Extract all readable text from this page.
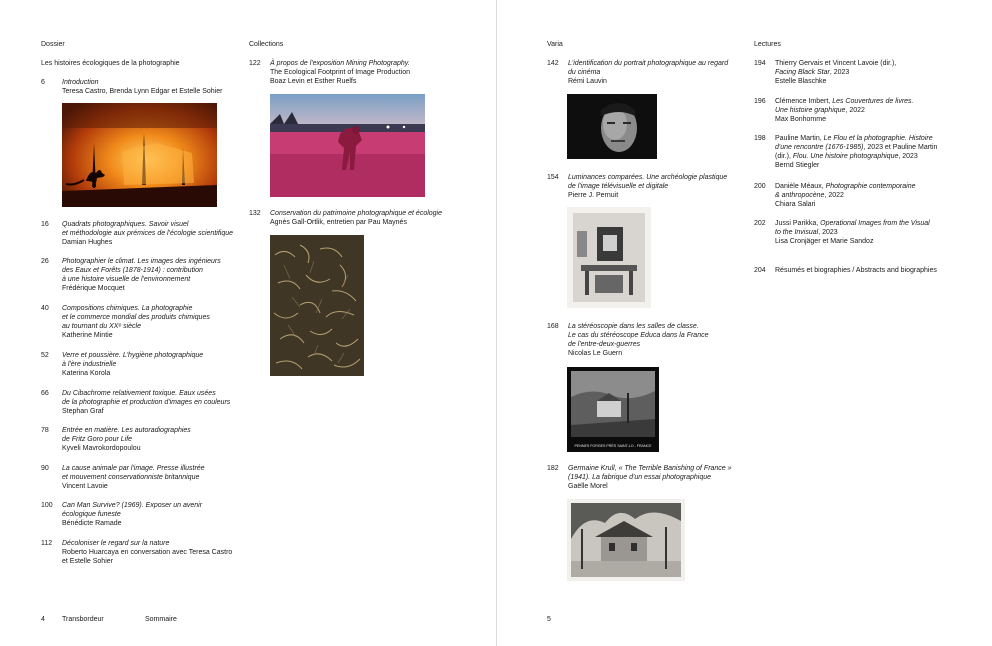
Dossier	Collections	Varia	Lectures
Les histoires écologiques de la photographie
6 Introduction
Teresa Castro, Brenda Lynn Edgar et Estelle Sohier
16 Quadrats photographiques. Savoir visuel
et méthodologie aux prémices de l'écologie scientifique
Damian Hughes
26 Photographier le climat. Les images des ingénieurs
des Eaux et Forêts (1878-1914) : contribution
à une histoire visuelle de l'environnement
Frédérique Mocquet
40 Compositions chimiques. La photographie
et le commerce mondial des produits chimiques
au tournant du XXᵉ siècle
Katherine Mintie
52 Verre et poussière. L'hygiène photographique
à l'ère industrielle
Katerina Korola
66 Du Cibachrome relativement toxique. Eaux usées
de la photographie et production d'images en couleurs
Stephan Graf
78 Entrée en matière. Les autoradiographies
de Fritz Goro pour Life
Kyveli Mavrokordopoulou
90 La cause animale par l'image. Presse illustrée
et mouvement conservationniste britannique
Vincent Lavoie
100 Can Man Survive? (1969). Exposer un avenir
écologique funeste
Bénédicte Ramade
112 Décoloniser le regard sur la nature
Roberto Huarcaya en conversation avec Teresa Castro
et Estelle Sohier
122 À propos de l'exposition Mining Photography.
The Ecological Footprint of Image Production
Boaz Levin et Esther Ruelfs
132 Conservation du patrimoine photographique et écologie
Agnès Gall-Ortlik, entretien par Pau Maynés
142 L'identification du portrait photographique au regard
du cinéma
Rémi Lauvin
154 Luminances comparées. Une archéologie plastique
de l'image télévisuelle et digitale
Pierre J. Pernuit
168 La stéréoscopie dans les salles de classe.
Le cas du stéréoscope Educa dans la France
de l'entre-deux-guerres
Nicolas Le Guern
PENNES FORGES PRÈS SAINT-LO - FRANCE
182 Germaine Krull, « The Terrible Banishing of France »
(1941). La fabrique d'un essai photographique
Gaëlle Morel
194 Thierry Gervais et Vincent Lavoie (dir.),
Facing Black Star, 2023
Estelle Blaschke
196 Clémence Imbert, Les Couvertures de livres.
Une histoire graphique, 2022
Max Bonhomme
198 Pauline Martin, Le Flou et la photographie. Histoire
d'une rencontre (1676-1985), 2023 et Pauline Martin
(dir.), Flou. Une histoire photographique, 2023
Bernd Stiegler
200 Danièle Méaux, Photographie contemporaine
& anthropocène, 2022
Chiara Salari
202 Jussi Parikka, Operational Images from the Visual
to the Invisual, 2023
Lisa Cronjäger et Marie Sandoz
204 Résumés et biographies / Abstracts and biographies
4 Transbordeur	Sommaire	5
